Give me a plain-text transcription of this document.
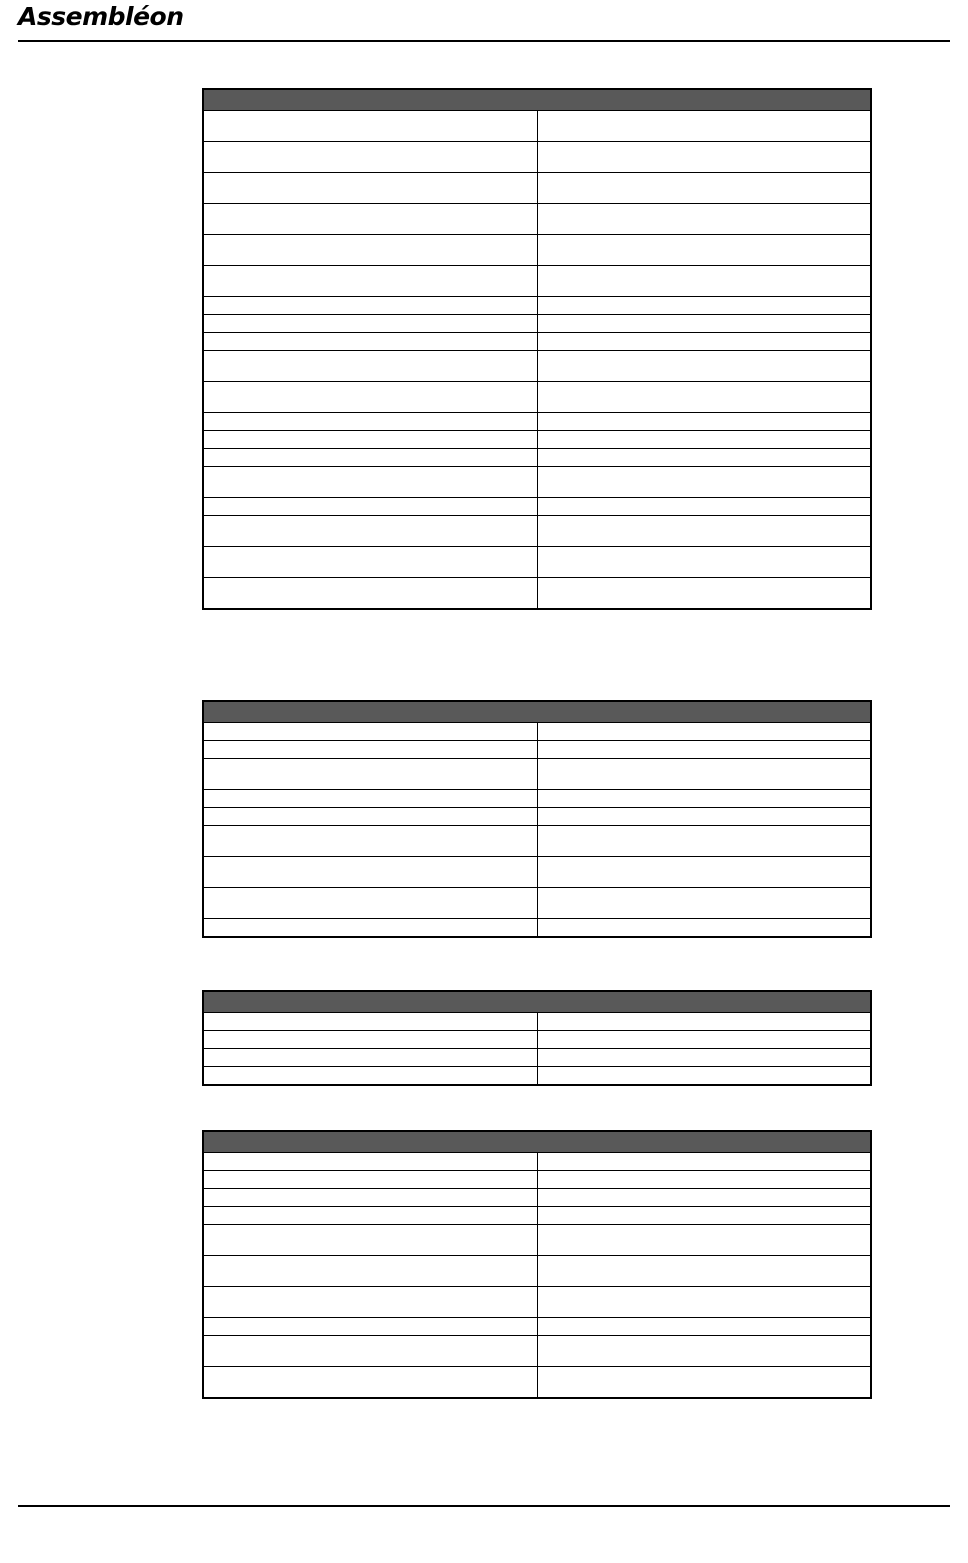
Assembléon
